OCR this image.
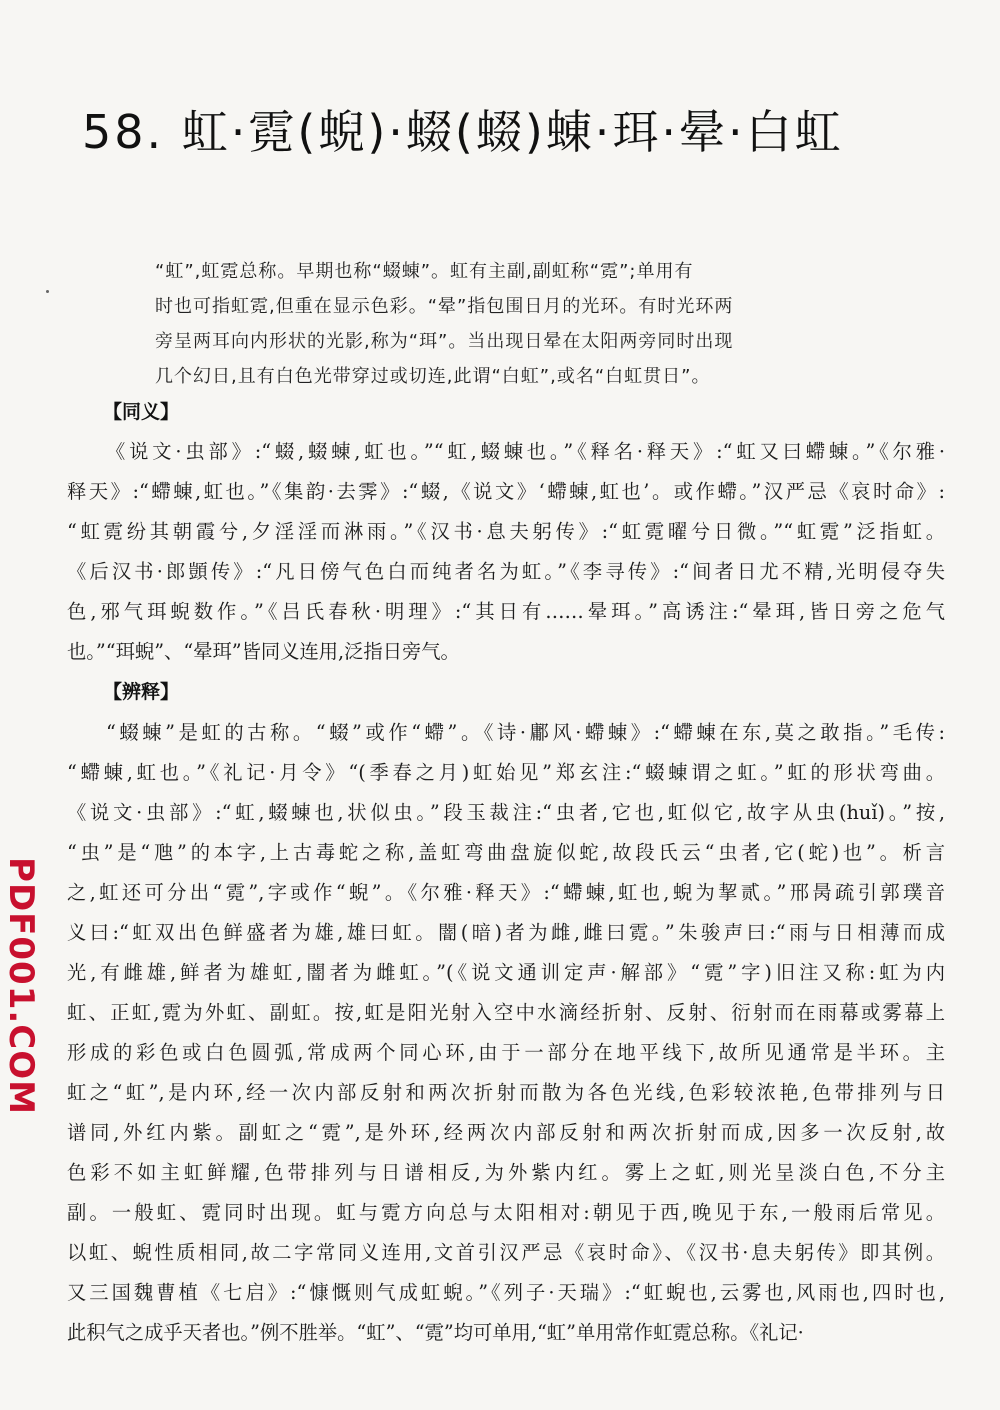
58. 虹·霓(蜺)·蝃(蝃)蝀·珥·晕·白虹
“虹”,虹霓总称。早期也称“蝃蝀”。虹有主副,副虹称“霓”;单用有
时也可指虹霓,但重在显示色彩。“晕”指包围日月的光环。有时光环两
旁呈两耳向内形状的光影,称为“珥”。当出现日晕在太阳两旁同时出现
几个幻日,且有白色光带穿过或切连,此谓“白虹”,或名“白虹贯日”。
【同义】
《说文·虫部》:“蝃,蝃蝀,虹也。”“虹,蝃蝀也。”《释名·释天》:“虹又曰螮蝀。”《尔雅·
释天》:“螮蝀,虹也。”《集韵·去霁》:“蝃,《说文》‘螮蝀,虹也’。或作螮。”汉严忌《哀时命》:
“虹霓纷其朝霞兮,夕淫淫而淋雨。”《汉书·息夫躬传》:“虹霓曜兮日微。”“虹霓”泛指虹。
《后汉书·郎顗传》:“凡日傍气色白而纯者名为虹。”《李寻传》:“间者日尤不精,光明侵夺失
色,邪气珥蜺数作。”《吕氏春秋·明理》:“其日有……晕珥。”高诱注:“晕珥,皆日旁之危气
也。”“珥蜺”、“晕珥”皆同义连用,泛指日旁气。
【辨释】
“蝃蝀”是虹的古称。“蝃”或作“螮”。《诗·鄘风·螮蝀》:“螮蝀在东,莫之敢指。”毛传:
“螮蝀,虹也。”《礼记·月令》“(季春之月)虹始见”郑玄注:“蝃蝀谓之虹。”虹的形状弯曲。
《说文·虫部》:“虹,蝃蝀也,状似虫。”段玉裁注:“虫者,它也,虹似它,故字从虫(huǐ)。”按,
“虫”是“虺”的本字,上古毒蛇之称,盖虹弯曲盘旋似蛇,故段氏云“虫者,它(蛇)也”。析言
之,虹还可分出“霓”,字或作“蜺”。《尔雅·释天》:“螮蝀,虹也,蜺为挈贰。”邢昺疏引郭璞音
义曰:“虹双出色鲜盛者为雄,雄曰虹。闇(暗)者为雌,雌曰霓。”朱骏声曰:“雨与日相薄而成
光,有雌雄,鲜者为雄虹,闇者为雌虹。”(《说文通训定声·解部》“霓”字)旧注又称:虹为内
虹、正虹,霓为外虹、副虹。按,虹是阳光射入空中水滴经折射、反射、衍射而在雨幕或雾幕上
形成的彩色或白色圆弧,常成两个同心环,由于一部分在地平线下,故所见通常是半环。主
虹之“虹”,是内环,经一次内部反射和两次折射而散为各色光线,色彩较浓艳,色带排列与日
谱同,外红内紫。副虹之“霓”,是外环,经两次内部反射和两次折射而成,因多一次反射,故
色彩不如主虹鲜耀,色带排列与日谱相反,为外紫内红。雾上之虹,则光呈淡白色,不分主
副。一般虹、霓同时出现。虹与霓方向总与太阳相对:朝见于西,晚见于东,一般雨后常见。
以虹、蜺性质相同,故二字常同义连用,文首引汉严忌《哀时命》、《汉书·息夫躬传》即其例。
又三国魏曹植《七启》:“慷慨则气成虹蜺。”《列子·天瑞》:“虹蜺也,云雾也,风雨也,四时也,
此积气之成乎天者也。”例不胜举。“虹”、“霓”均可单用,“虹”单用常作虹霓总称。《礼记·
PDF001.COM
